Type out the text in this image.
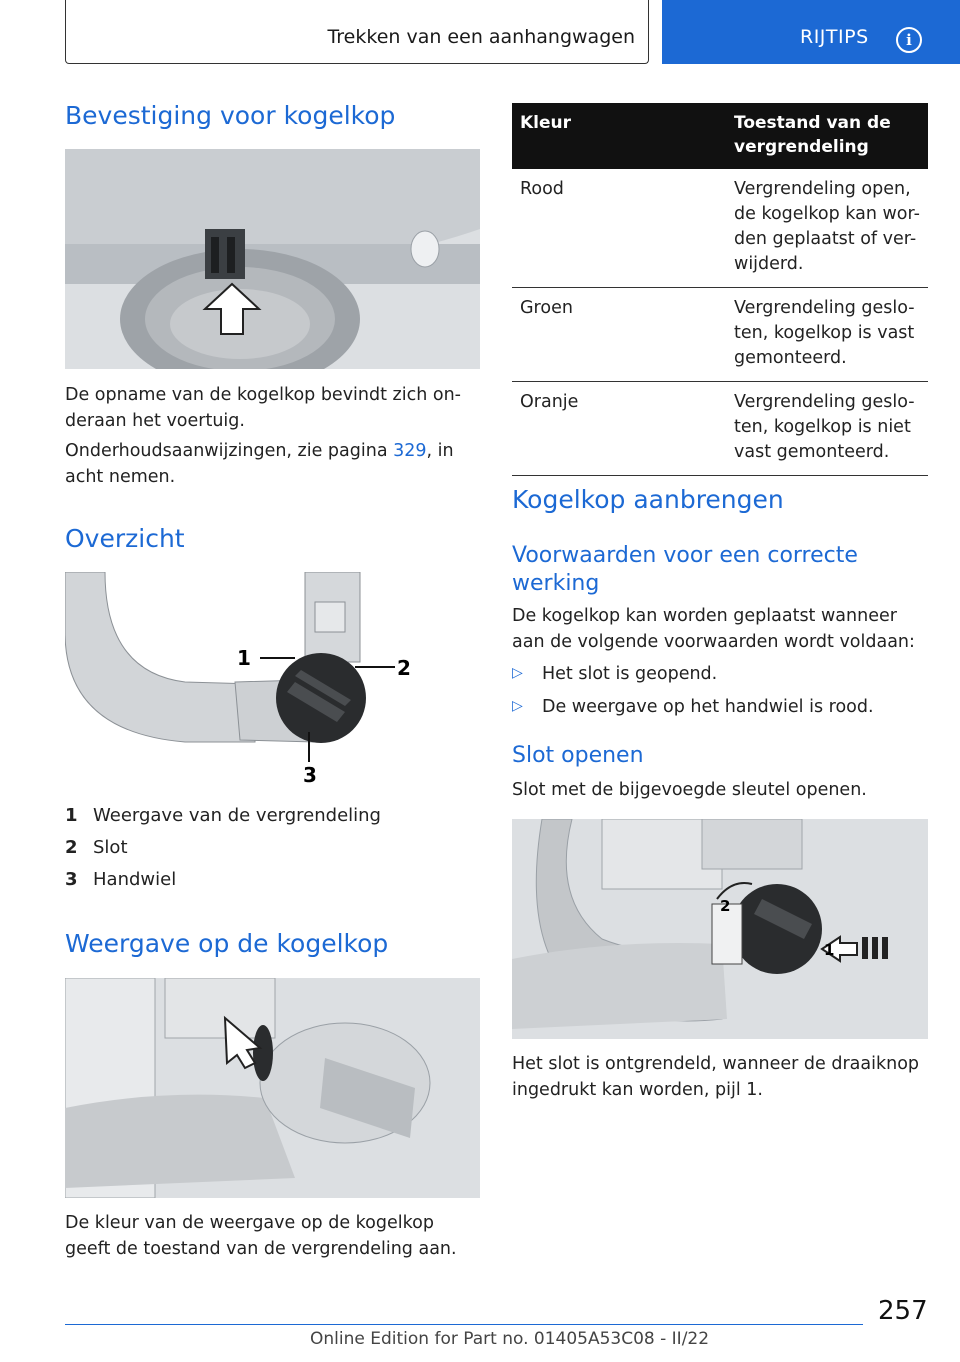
Trekken van een aanhangwagen	RIJTIPS	i
Bevestiging voor kogelkop

De opname van de kogelkop bevindt zich on-deraan het voertuig.

Onderhoudsaanwijzingen, zie pagina 329, in acht nemen.

Overzicht
1	2
3
1 Weergave van de vergrendeling
2 Slot
3 Handwiel
Weergave op de kogelkop

De kleur van de weergave op de kogelkop geeft de toestand van de vergrendeling aan.

Kleur	Toestand van de vergrendeling
Rood	Vergrendeling open, de kogelkop kan wor-den geplaatst of ver-wijderd.
Groen	Vergrendeling geslo-ten, kogelkop is vast gemonteerd.
Oranje	Vergrendeling geslo-ten, kogelkop is niet vast gemonteerd.
Kogelkop aanbrengen
Voorwaarden voor een correcte werking

De kogelkop kan worden geplaatst wanneer aan de volgende voorwaarden wordt voldaan:

▷	Het slot is geopend.
▷	De weergave op het handwiel is rood.
Slot openen

Slot met de bijgevoegde sleutel openen.

2
1

Het slot is ontgrendeld, wanneer de draaiknop ingedrukt kan worden, pijl 1.

257
Online Edition for Part no. 01405A53C08 - II/22
